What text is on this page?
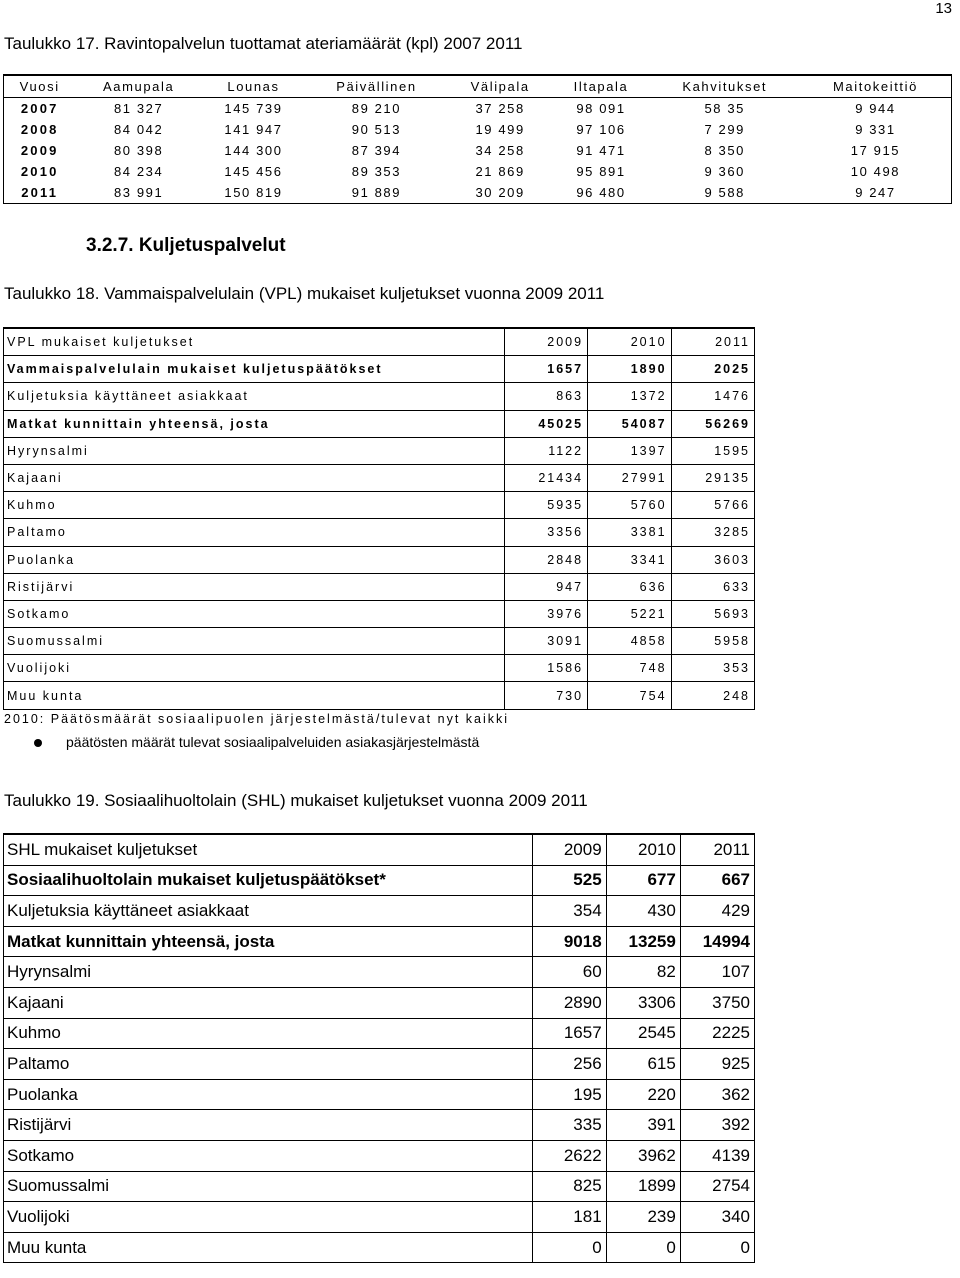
13
Taulukko 17. Ravintopalvelun tuottamat ateriamäärät (kpl) 2007 2011
Vuosi	Aamupala	Lounas	Päivällinen	Välipala	Iltapala	Kahvitukset	Maitokeittiö
2007	81 327	145 739	89 210	37 258	98 091	58 35	9 944
2008	84 042	141 947	90 513	19 499	97 106	7 299	9 331
2009	80 398	144 300	87 394	34 258	91 471	8 350	17 915
2010	84 234	145 456	89 353	21 869	95 891	9 360	10 498
2011	83 991	150 819	91 889	30 209	96 480	9 588	9 247
3.2.7. Kuljetuspalvelut
Taulukko 18. Vammaispalvelulain (VPL) mukaiset kuljetukset vuonna 2009 2011
VPL mukaiset kuljetukset	2009	2010	2011
Vammaispalvelulain mukaiset kuljetuspäätökset	1657	1890	2025
Kuljetuksia käyttäneet asiakkaat	863	1372	1476
Matkat kunnittain yhteensä, josta	45025	54087	56269
Hyrynsalmi	1122	1397	1595
Kajaani	21434	27991	29135
Kuhmo	5935	5760	5766
Paltamo	3356	3381	3285
Puolanka	2848	3341	3603
Ristijärvi	947	636	633
Sotkamo	3976	5221	5693
Suomussalmi	3091	4858	5958
Vuolijoki	1586	748	353
Muu kunta	730	754	248
2010: Päätösmäärät sosiaalipuolen järjestelmästä/tulevat nyt kaikki
päätösten määrät tulevat sosiaalipalveluiden asiakasjärjestelmästä
Taulukko 19. Sosiaalihuoltolain (SHL) mukaiset kuljetukset vuonna 2009 2011
SHL mukaiset kuljetukset	2009	2010	2011
Sosiaalihuoltolain mukaiset kuljetuspäätökset*	525	677	667
Kuljetuksia käyttäneet asiakkaat	354	430	429
Matkat kunnittain yhteensä, josta	9018	13259	14994
Hyrynsalmi	60	82	107
Kajaani	2890	3306	3750
Kuhmo	1657	2545	2225
Paltamo	256	615	925
Puolanka	195	220	362
Ristijärvi	335	391	392
Sotkamo	2622	3962	4139
Suomussalmi	825	1899	2754
Vuolijoki	181	239	340
Muu kunta	0	0	0
